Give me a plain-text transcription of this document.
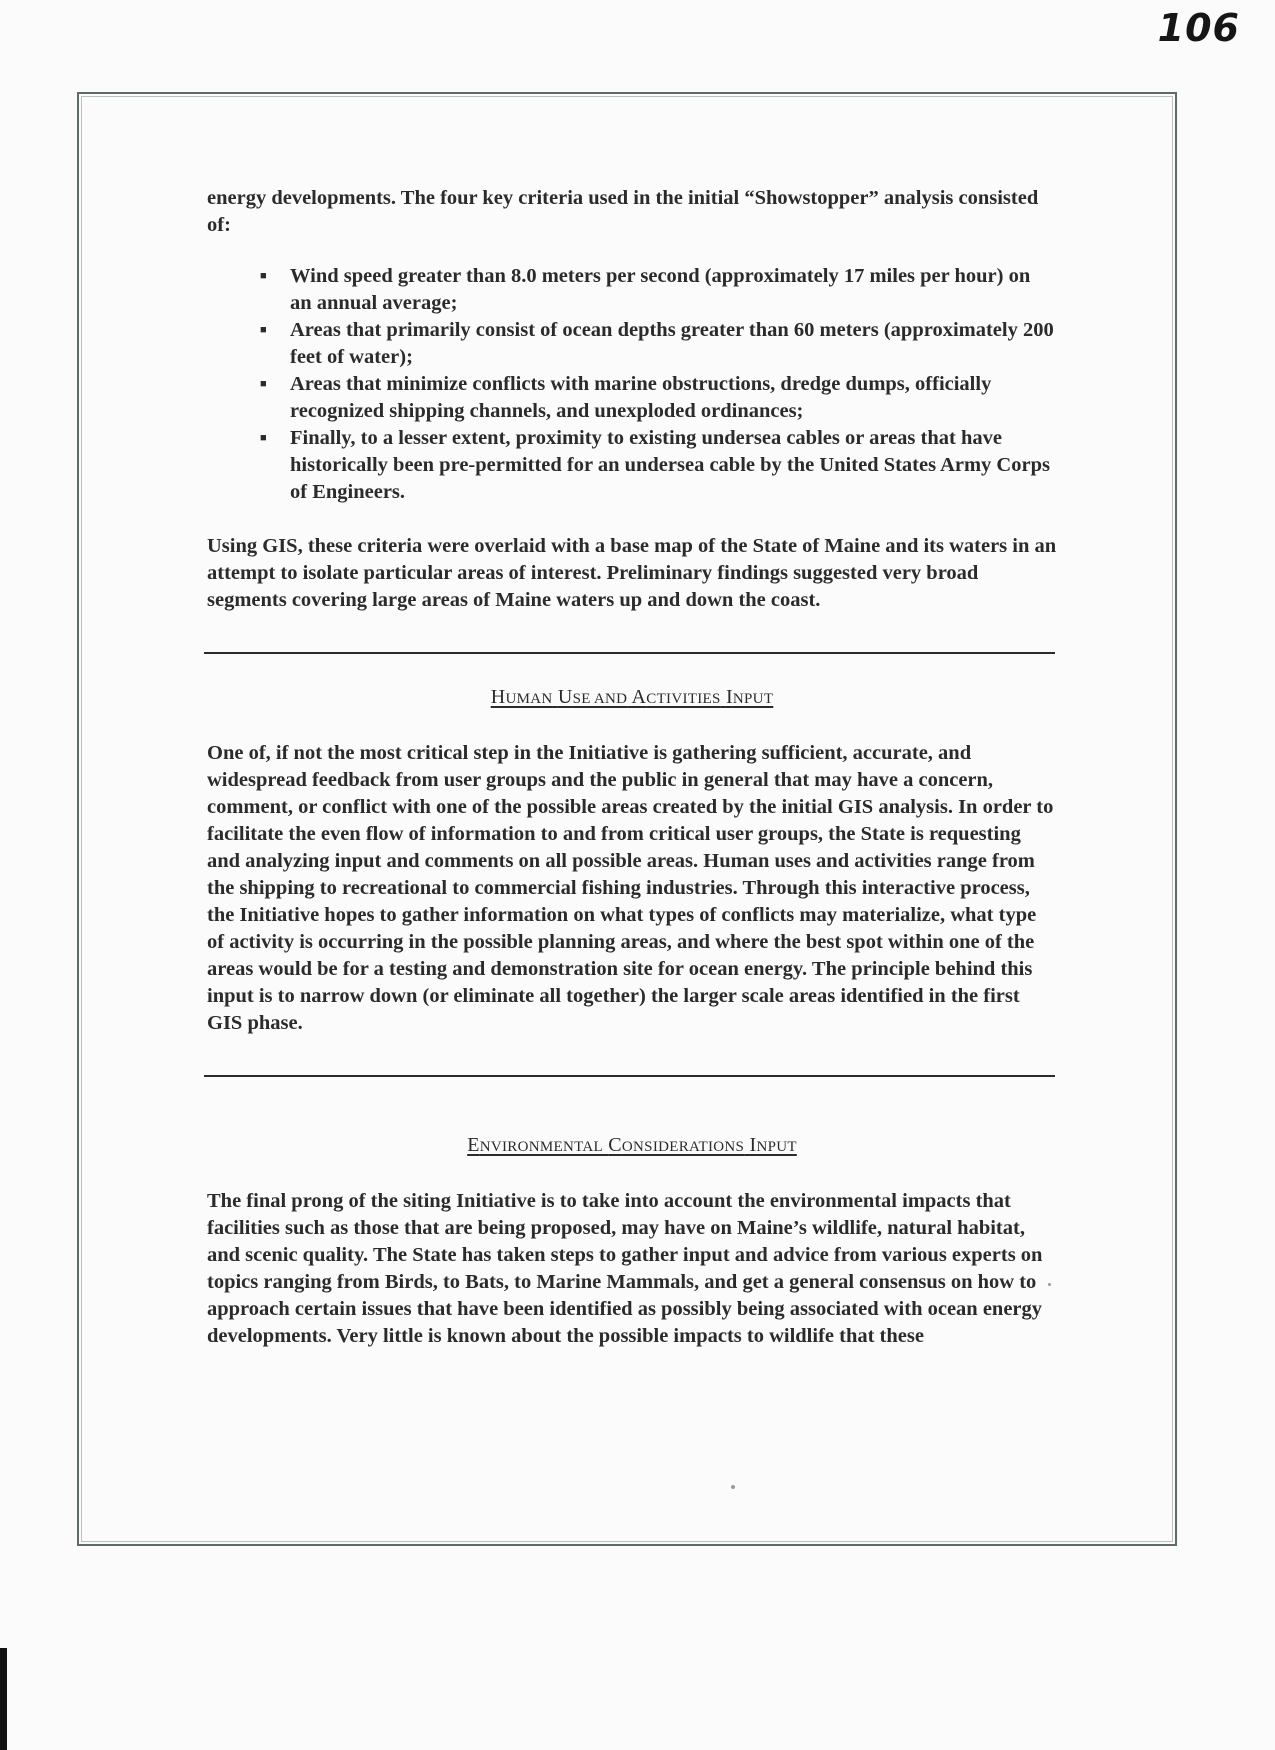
106

energy developments. The four key criteria used in the initial “Showstopper” analysis consisted of:

■ Wind speed greater than 8.0 meters per second (approximately 17 miles per hour) on an annual average;
■ Areas that primarily consist of ocean depths greater than 60 meters (approximately 200 feet of water);
■ Areas that minimize conflicts with marine obstructions, dredge dumps, officially recognized shipping channels, and unexploded ordinances;
■ Finally, to a lesser extent, proximity to existing undersea cables or areas that have historically been pre-permitted for an undersea cable by the United States Army Corps of Engineers.

Using GIS, these criteria were overlaid with a base map of the State of Maine and its waters in an attempt to isolate particular areas of interest. Preliminary findings suggested very broad segments covering large areas of Maine waters up and down the coast.

HUMAN USE AND ACTIVITIES INPUT

One of, if not the most critical step in the Initiative is gathering sufficient, accurate, and widespread feedback from user groups and the public in general that may have a concern, comment, or conflict with one of the possible areas created by the initial GIS analysis. In order to facilitate the even flow of information to and from critical user groups, the State is requesting and analyzing input and comments on all possible areas. Human uses and activities range from the shipping to recreational to commercial fishing industries. Through this interactive process, the Initiative hopes to gather information on what types of conflicts may materialize, what type of activity is occurring in the possible planning areas, and where the best spot within one of the areas would be for a testing and demonstration site for ocean energy. The principle behind this input is to narrow down (or eliminate all together) the larger scale areas identified in the first GIS phase.

ENVIRONMENTAL CONSIDERATIONS INPUT

The final prong of the siting Initiative is to take into account the environmental impacts that facilities such as those that are being proposed, may have on Maine’s wildlife, natural habitat, and scenic quality. The State has taken steps to gather input and advice from various experts on topics ranging from Birds, to Bats, to Marine Mammals, and get a general consensus on how to approach certain issues that have been identified as possibly being associated with ocean energy developments. Very little is known about the possible impacts to wildlife that these
